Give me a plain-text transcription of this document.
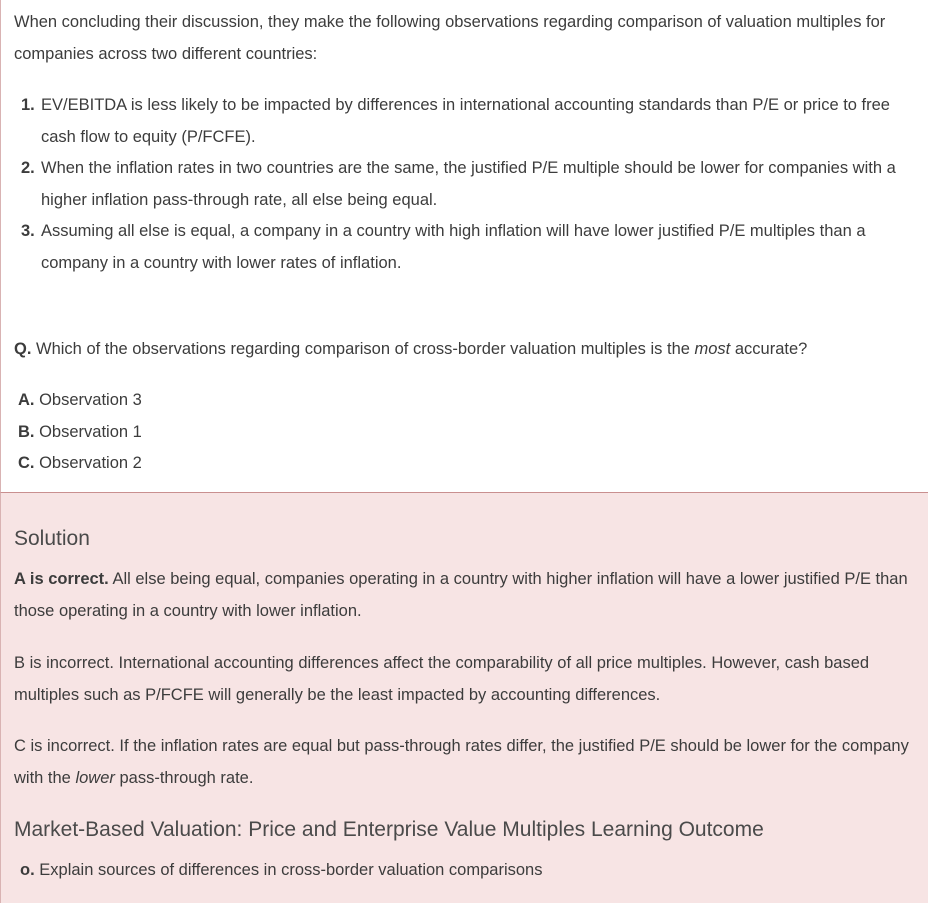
When concluding their discussion, they make the following observations regarding comparison of valuation multiples for companies across two different countries:

1. EV/EBITDA is less likely to be impacted by differences in international accounting standards than P/E or price to free cash flow to equity (P/FCFE).
2. When the inflation rates in two countries are the same, the justified P/E multiple should be lower for companies with a higher inflation pass-through rate, all else being equal.
3. Assuming all else is equal, a company in a country with high inflation will have lower justified P/E multiples than a company in a country with lower rates of inflation.

Q. Which of the observations regarding comparison of cross-border valuation multiples is the most accurate?

A. Observation 3
B. Observation 1
C. Observation 2
Solution

A is correct. All else being equal, companies operating in a country with higher inflation will have a lower justified P/E than those operating in a country with lower inflation.

B is incorrect. International accounting differences affect the comparability of all price multiples. However, cash based multiples such as P/FCFE will generally be the least impacted by accounting differences.

C is incorrect. If the inflation rates are equal but pass-through rates differ, the justified P/E should be lower for the company with the lower pass-through rate.

Market-Based Valuation: Price and Enterprise Value Multiples Learning Outcome

o. Explain sources of differences in cross-border valuation comparisons
